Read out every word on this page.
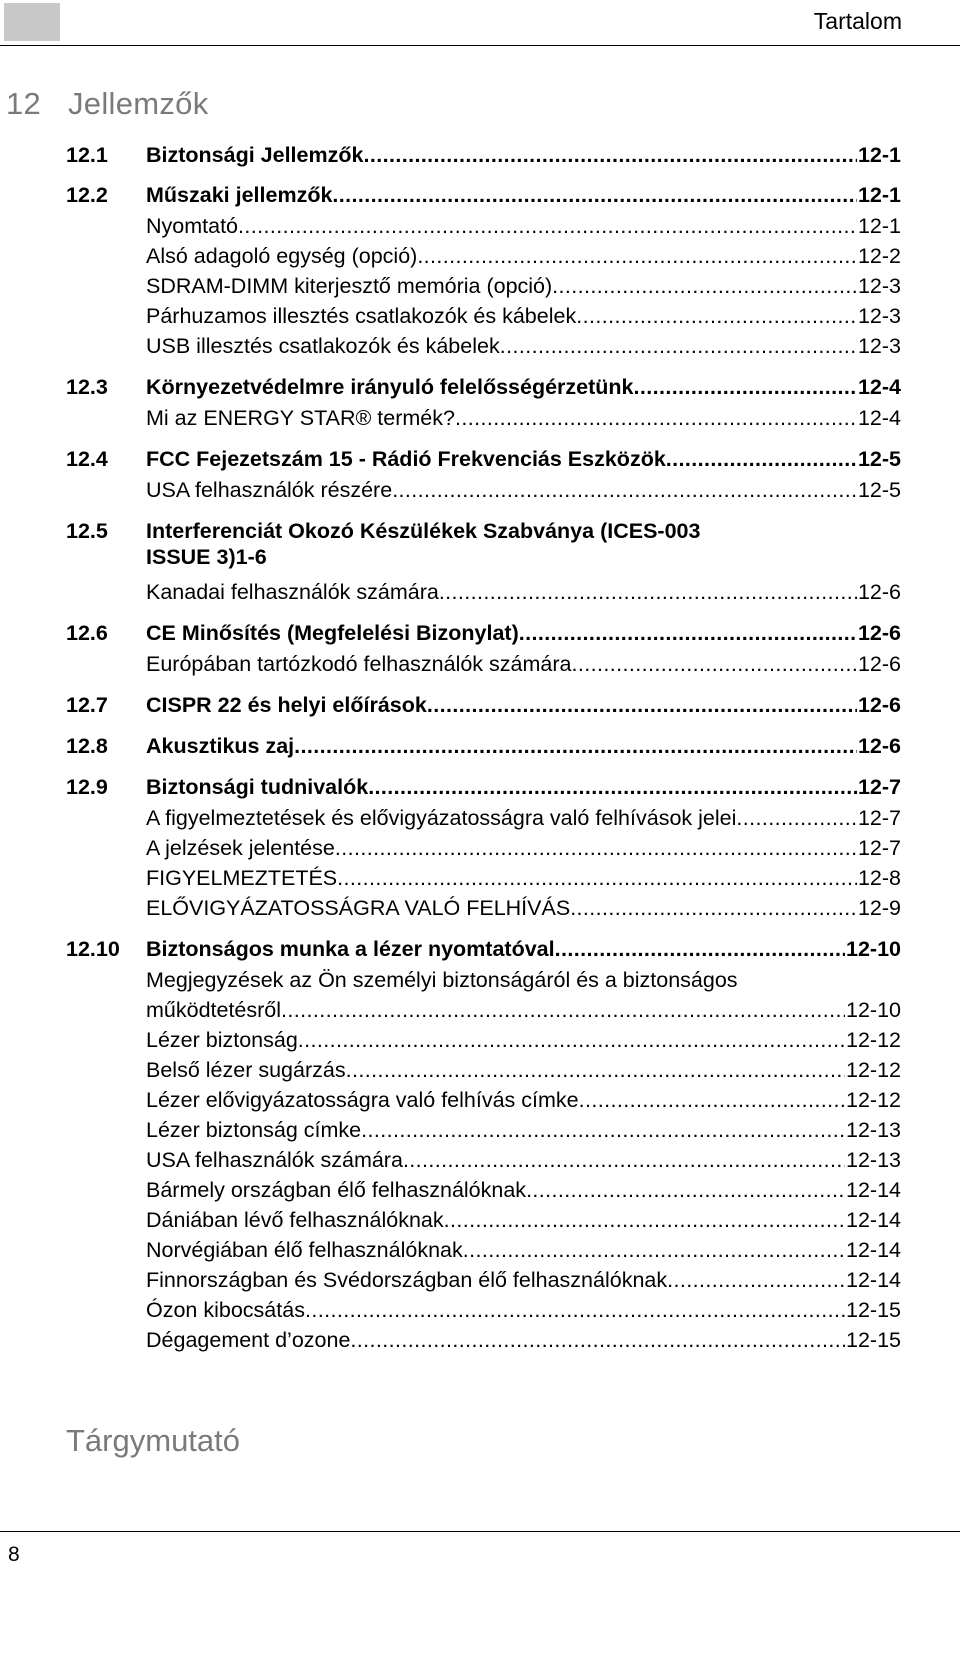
Tartalom
12 Jellemzők
12.1	Biztonsági Jellemzők .....	12-1
12.2	Műszaki jellemzők .....	12-1
Nyomtató .....	12-1
Alsó adagoló egység (opció) .....	12-2
SDRAM-DIMM kiterjesztő memória (opció) .....	12-3
Párhuzamos illesztés csatlakozók és kábelek .....	12-3
USB illesztés csatlakozók és kábelek .....	12-3
12.3	Környezetvédelmre irányuló felelősségérzetünk .....	12-4
Mi az ENERGY STAR® termék? .....	12-4
12.4	FCC Fejezetszám 15 - Rádió Frekvenciás Eszközök .....	12-5
USA felhasználók részére .....	12-5
12.5 Interferenciát Okozó Készülékek Szabványa (ICES-003
ISSUE 3)1-6
Kanadai felhasználók számára .....	12-6
12.6	CE Minősítés (Megfelelési Bizonylat) .....	12-6
Európában tartózkodó felhasználók számára .....	12-6
12.7	CISPR 22 és helyi előírások .....	12-6
12.8	Akusztikus zaj .....	12-6
12.9	Biztonsági tudnivalók .....	12-7
A figyelmeztetések és elővigyázatosságra való felhívások jelei .....	12-7
A jelzések jelentése .....	12-7
FIGYELMEZTETÉS .....	12-8
ELŐVIGYÁZATOSSÁGRA VALÓ FELHÍVÁS .....	12-9
12.10	Biztonságos munka a lézer nyomtatóval .....	12-10
Megjegyzések az Ön személyi biztonságáról és a biztonságos
működtetésről .....	12-10
Lézer biztonság .....	12-12
Belső lézer sugárzás .....	12-12
Lézer elővigyázatosságra való felhívás címke .....	12-12
Lézer biztonság címke .....	12-13
USA felhasználók számára .....	12-13
Bármely országban élő felhasználóknak .....	12-14
Dániában lévő felhasználóknak .....	12-14
Norvégiában élő felhasználóknak .....	12-14
Finnországban és Svédországban élő felhasználóknak .....	12-14
Ózon kibocsátás .....	12-15
Dégagement d’ozone .....	12-15
Tárgymutató
8
